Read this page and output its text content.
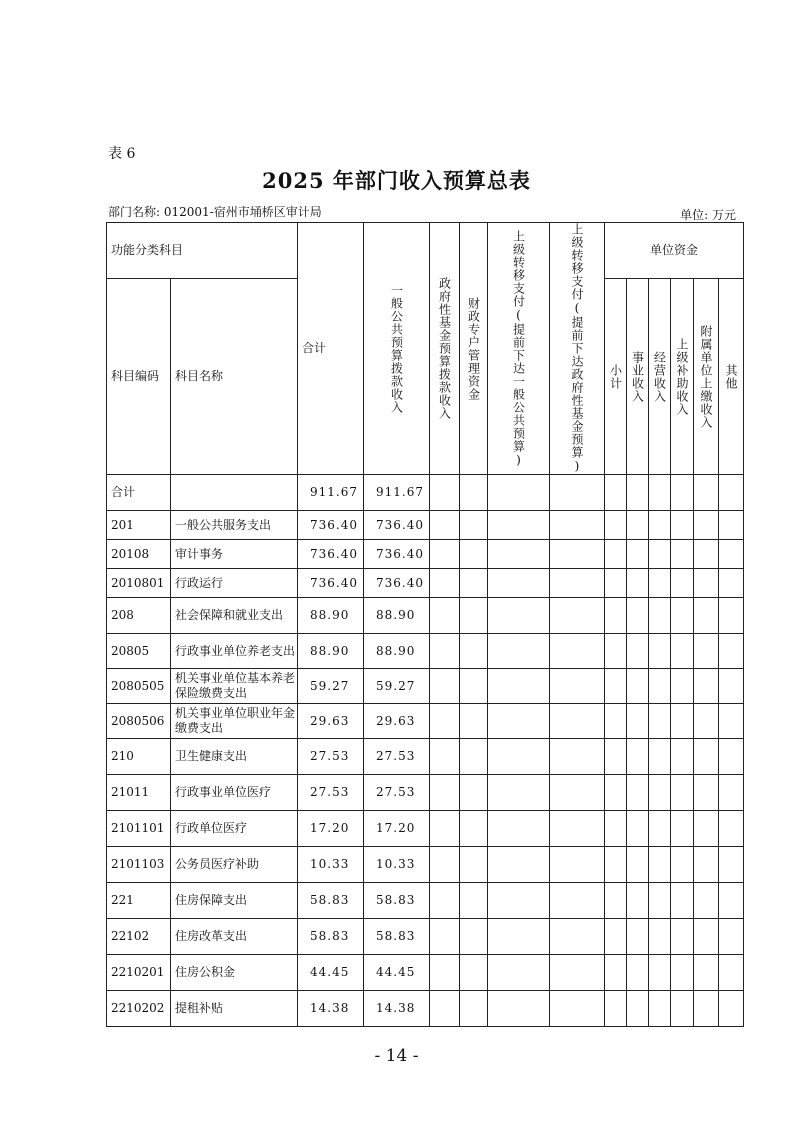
表 6
2025 年部门收入预算总表
部门名称: 012001-宿州市埇桥区审计局	单位: 万元
功能分类科目		合计	一般公共预算拨款收入	政府性基金预算拨款收入	财政专户管理资金	上级转移支付(提前下达一般公共预算)	上级转移支付(提前下达政府性基金预算)	单位资金					
科目编码	科目名称							小计	事业收入	经营收入	上级补助收入	附属单位上缴收入	其他

合计		911.67	911.67										
201	一般公共服务支出	736.40	736.40										
20108	审计事务	736.40	736.40										
2010801	行政运行	736.40	736.40										
208	社会保障和就业支出	88.90	88.90										
20805	行政事业单位养老支出	88.90	88.90										
2080505	机关事业单位基本养老保险缴费支出	59.27	59.27										
2080506	机关事业单位职业年金缴费支出	29.63	29.63										
210	卫生健康支出	27.53	27.53										
21011	行政事业单位医疗	27.53	27.53										
2101101	行政单位医疗	17.20	17.20										
2101103	公务员医疗补助	10.33	10.33										
221	住房保障支出	58.83	58.83										
22102	住房改革支出	58.83	58.83										
2210201	住房公积金	44.45	44.45										
2210202	提租补贴	14.38	14.38										
- 14 -
